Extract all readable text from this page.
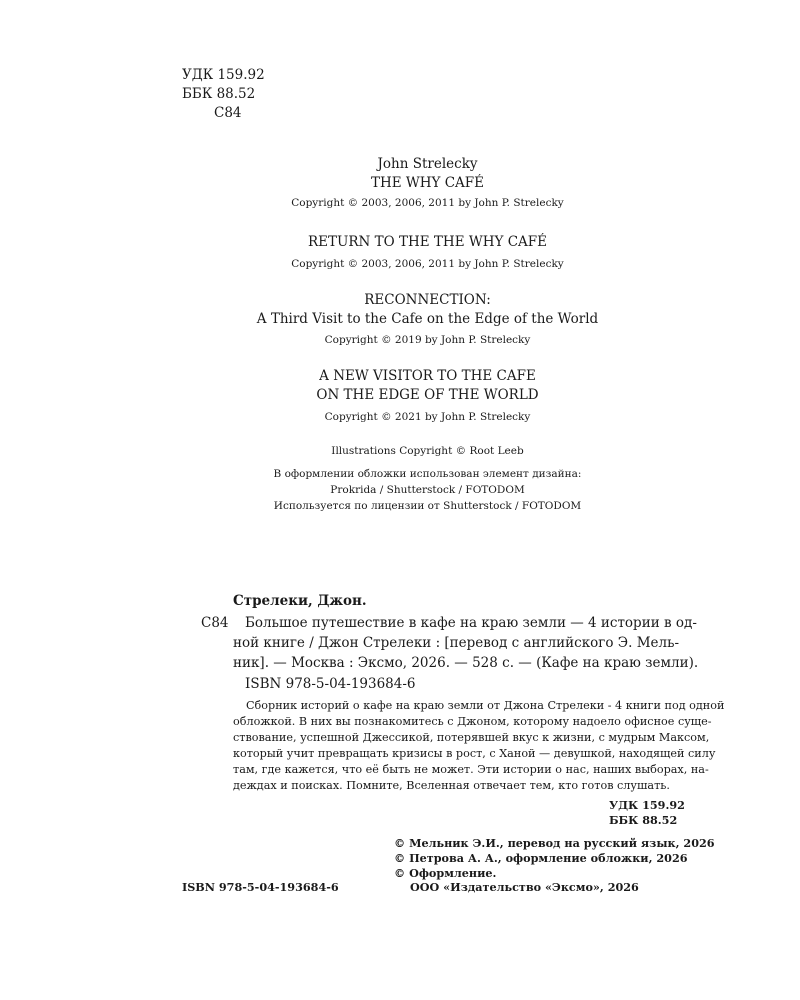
УДК 159.92
ББК 88.52
С84
John Strelecky
THE WHY CAFÉ
Copyright © 2003, 2006, 2011 by John P. Strelecky
RETURN TO THE THE WHY CAFÉ
Copyright © 2003, 2006, 2011 by John P. Strelecky
RECONNECTION:
A Third Visit to the Cafe on the Edge of the World
Copyright © 2019 by John P. Strelecky
A NEW VISITOR TO THE CAFE
ON THE EDGE OF THE WORLD
Copyright © 2021 by John P. Strelecky
Illustrations Copyright © Root Leeb
В оформлении обложки использован элемент дизайна:
Prokrida / Shutterstock / FOTODOM
Используется по лицензии от Shutterstock / FOTODOM
Стрелеки, Джон.
С84 Большое путешествие в кафе на краю земли — 4 истории в од-
ной книге / Джон Стрелеки : [перевод с английского Э. Мель-
ник]. — Москва : Эксмо, 2026. — 528 с. — (Кафе на краю земли).
ISBN 978-5-04-193684-6
Сборник историй о кафе на краю земли от Джона Стрелеки - 4 книги под одной
обложкой. В них вы познакомитесь с Джоном, которому надоело офисное суще-
ствование, успешной Джессикой, потерявшей вкус к жизни, с мудрым Максом,
который учит превращать кризисы в рост, с Ханой — девушкой, находящей силу
там, где кажется, что её быть не может. Эти истории о нас, наших выборах, на-
деждах и поисках. Помните, Вселенная отвечает тем, кто готов слушать.
УДК 159.92
ББК 88.52
© Мельник Э.И., перевод на русский язык, 2026
© Петрова А. А., оформление обложки, 2026
© Оформление.
ООО «Издательство «Эксмо», 2026
ISBN 978-5-04-193684-6
